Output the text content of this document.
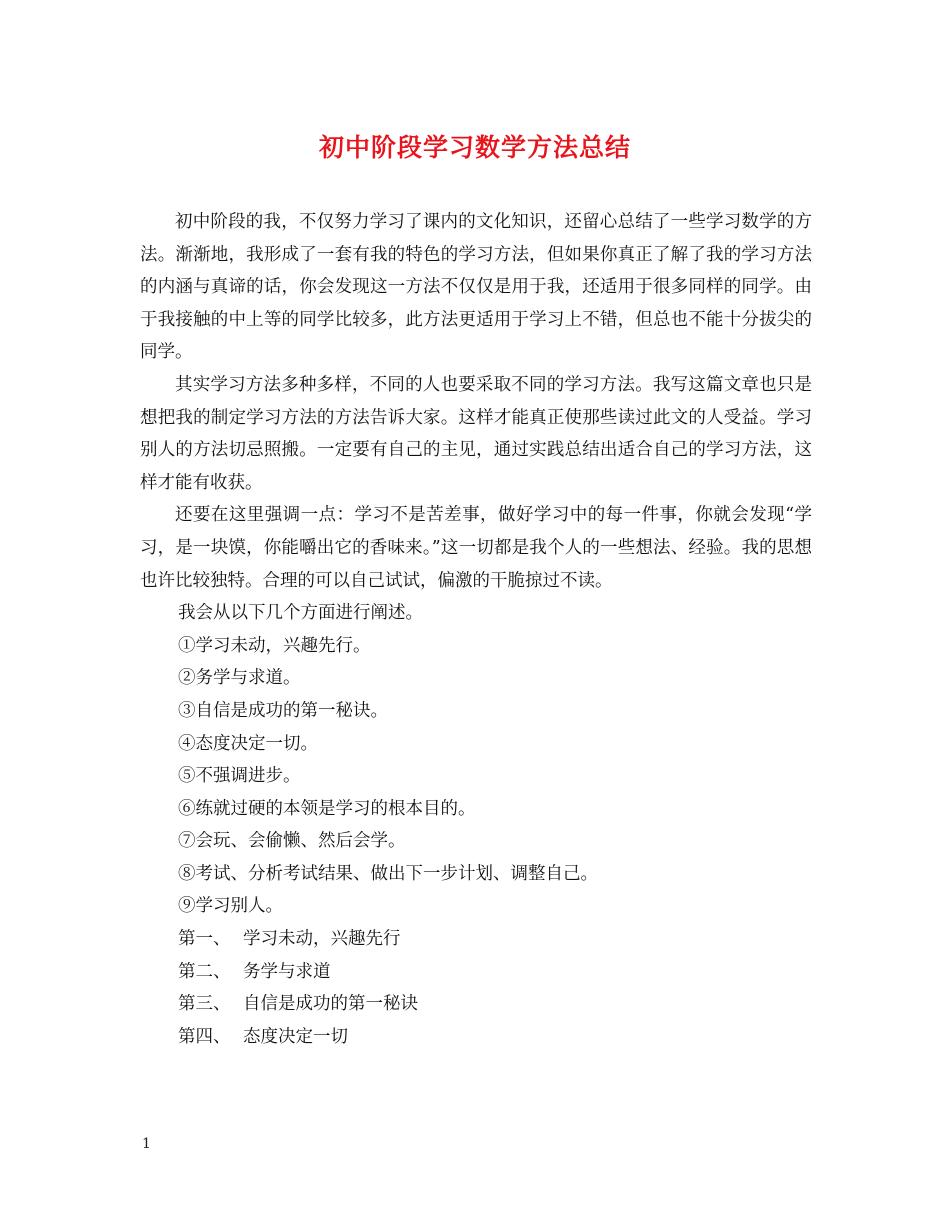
初中阶段学习数学方法总结

初中阶段的我，不仅努力学习了课内的文化知识，还留心总结了一些学习数学的方法。渐渐地，我形成了一套有我的特色的学习方法，但如果你真正了解了我的学习方法的内涵与真谛的话，你会发现这一方法不仅仅是用于我，还适用于很多同样的同学。由于我接触的中上等的同学比较多，此方法更适用于学习上不错，但总也不能十分拔尖的同学。

其实学习方法多种多样，不同的人也要采取不同的学习方法。我写这篇文章也只是想把我的制定学习方法的方法告诉大家。这样才能真正使那些读过此文的人受益。学习别人的方法切忌照搬。一定要有自己的主见，通过实践总结出适合自己的学习方法，这样才能有收获。

还要在这里强调一点：学习不是苦差事，做好学习中的每一件事，你就会发现“学习，是一块馍，你能嚼出它的香味来。”这一切都是我个人的一些想法、经验。我的思想也许比较独特。合理的可以自己试试，偏激的干脆掠过不读。

我会从以下几个方面进行阐述。

①学习未动，兴趣先行。

②务学与求道。

③自信是成功的第一秘诀。

④态度决定一切。

⑤不强调进步。

⑥练就过硬的本领是学习的根本目的。

⑦会玩、会偷懒、然后会学。

⑧考试、分析考试结果、做出下一步计划、调整自己。

⑨学习别人。

第一、 学习未动，兴趣先行

第二、 务学与求道

第三、 自信是成功的第一秘诀

第四、 态度决定一切

1
